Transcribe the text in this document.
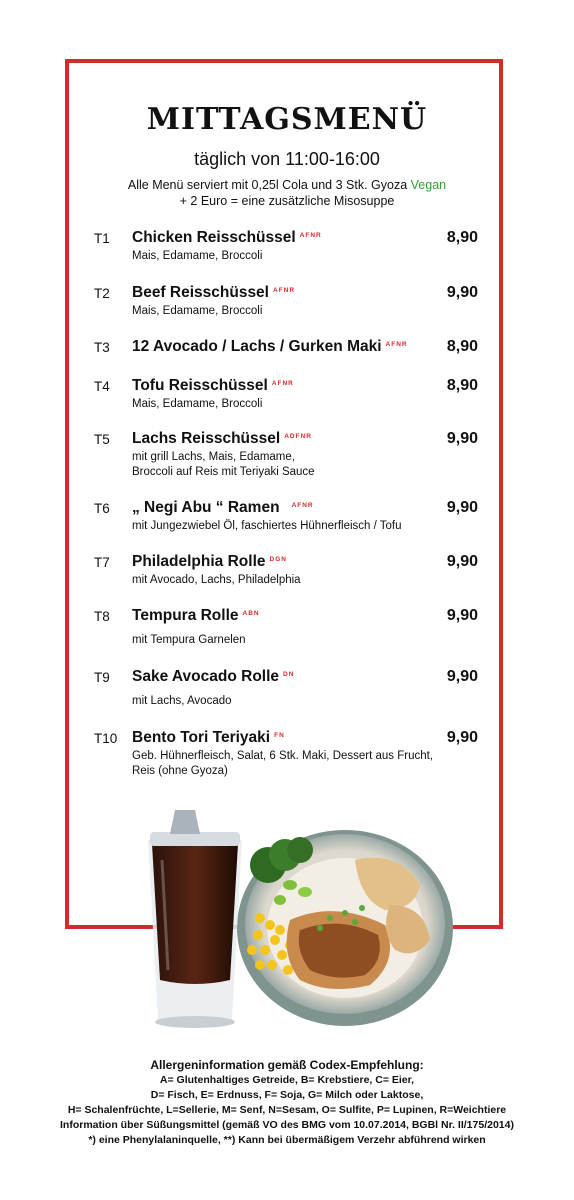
MITTAGSMENÜ
täglich von 11:00-16:00
Alle Menü serviert mit 0,25l Cola und 3 Stk. Gyoza Vegan
+ 2 Euro = eine zusätzliche Misosuppe
T1 Chicken Reisschüssel $^{AFNR}$	8,90
Mais, Edamame, Broccoli
T2 Beef Reisschüssel $^{AFNR}$	9,90
Mais, Edamame, Broccoli
T3 12 Avocado / Lachs / Gurken Maki $^{AFNR}$ 8,90
T4 Tofu Reisschüssel $^{AFNR}$	8,90
Mais, Edamame, Broccoli
T5 Lachs Reisschüssel $^{ADFNR}$	9,90
mit grill Lachs, Mais, Edamame,
Broccoli auf Reis mit Teriyaki Sauce
T6 „ Negi Abu “ Ramen $^{AFNR}$	9,90
mit Jungezwiebel Öl, faschiertes Hühnerfleisch / Tofu
T7 Philadelphia Rolle $^{DGN}$	9,90
mit Avocado, Lachs, Philadelphia
T8 Tempura Rolle $^{ABN}$	9,90
mit Tempura Garnelen
T9 Sake Avocado Rolle $^{DN}$	9,90
mit Lachs, Avocado
T10 Bento Tori Teriyaki $^{FN}$	9,90
Geb. Hühnerfleisch, Salat, 6 Stk. Maki, Dessert aus Frucht,
Reis (ohne Gyoza)
Allergeninformation gemäß Codex-Empfehlung:
A= Glutenhaltiges Getreide, B= Krebstiere, C= Eier,
D= Fisch, E= Erdnuss, F= Soja, G= Milch oder Laktose,
H= Schalenfrüchte, L=Sellerie, M= Senf, N=Sesam, O= Sulfite, P= Lupinen, R=Weichtiere
Information über Süßungsmittel (gemäß VO des BMG vom 10.07.2014, BGBl Nr. II/175/2014)
*) eine Phenylalaninquelle, **) Kann bei übermäßigem Verzehr abführend wirken
